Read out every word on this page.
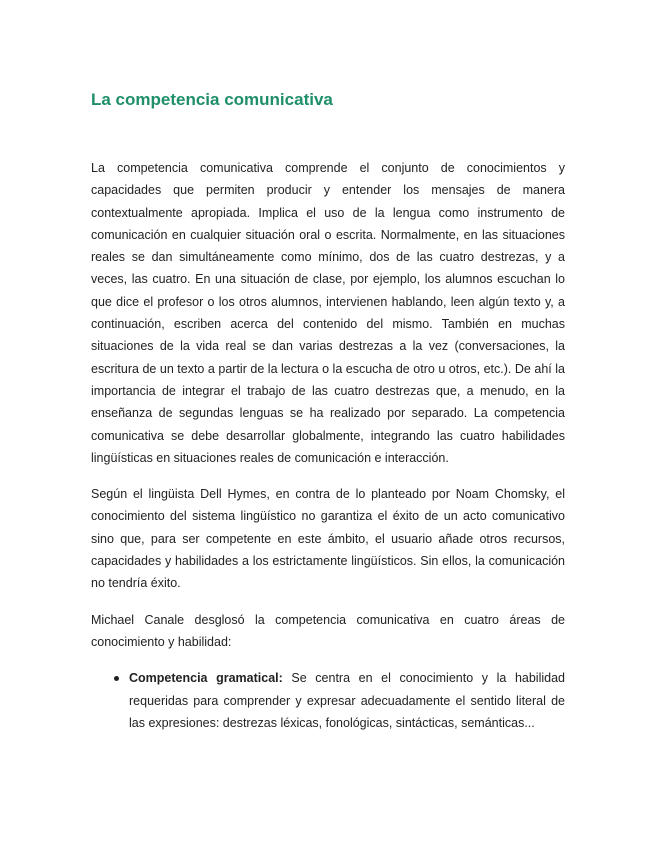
La competencia comunicativa

La competencia comunicativa comprende el conjunto de conocimientos y capacidades que permiten producir y entender los mensajes de manera contextualmente apropiada. Implica el uso de la lengua como instrumento de comunicación en cualquier situación oral o escrita. Normalmente, en las situaciones reales se dan simultáneamente como mínimo, dos de las cuatro destrezas, y a veces, las cuatro. En una situación de clase, por ejemplo, los alumnos escuchan lo que dice el profesor o los otros alumnos, intervienen hablando, leen algún texto y, a continuación, escriben acerca del contenido del mismo. También en muchas situaciones de la vida real se dan varias destrezas a la vez (conversaciones, la escritura de un texto a partir de la lectura o la escucha de otro u otros, etc.). De ahí la importancia de integrar el trabajo de las cuatro destrezas que, a menudo, en la enseñanza de segundas lenguas se ha realizado por separado. La competencia comunicativa se debe desarrollar globalmente, integrando las cuatro habilidades lingüísticas en situaciones reales de comunicación e interacción.

Según el lingüista Dell Hymes, en contra de lo planteado por Noam Chomsky, el conocimiento del sistema lingüístico no garantiza el éxito de un acto comunicativo sino que, para ser competente en este ámbito, el usuario añade otros recursos, capacidades y habilidades a los estrictamente lingüísticos. Sin ellos, la comunicación no tendría éxito.

Michael Canale desglosó la competencia comunicativa en cuatro áreas de conocimiento y habilidad:

Competencia gramatical: Se centra en el conocimiento y la habilidad requeridas para comprender y expresar adecuadamente el sentido literal de las expresiones: destrezas léxicas, fonológicas, sintácticas, semánticas...
